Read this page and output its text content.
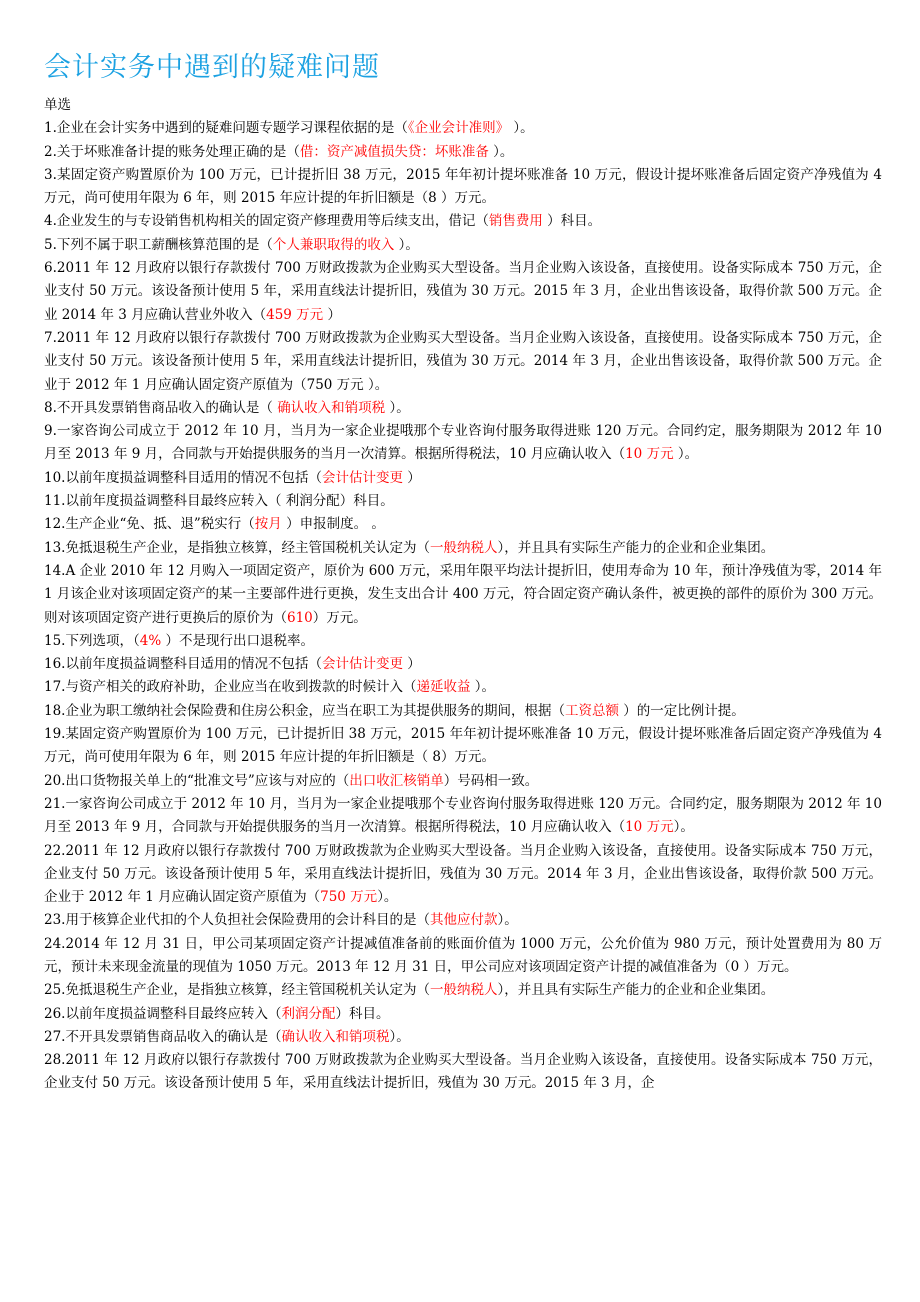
会计实务中遇到的疑难问题
单选

1.企业在会计实务中遇到的疑难问题专题学习课程依据的是（《企业会计准则》 ）。

2.关于坏账准备计提的账务处理正确的是（借：资产减值损失贷：坏账准备 ）。

3.某固定资产购置原价为 100 万元，已计提折旧 38 万元，2015 年年初计提坏账准备 10 万元，假设计提坏账准备后固定资产净残值为 4 万元，尚可使用年限为 6 年，则 2015 年应计提的年折旧额是（8 ）万元。

4.企业发生的与专设销售机构相关的固定资产修理费用等后续支出，借记（销售费用 ）科目。

5.下列不属于职工薪酬核算范围的是（个人兼职取得的收入 ）。

6.2011 年 12 月政府以银行存款拨付 700 万财政拨款为企业购买大型设备。当月企业购入该设备，直接使用。设备实际成本 750 万元，企业支付 50 万元。该设备预计使用 5 年，采用直线法计提折旧，残值为 30 万元。2015 年 3 月，企业出售该设备，取得价款 500 万元。企业 2014 年 3 月应确认营业外收入（459 万元 ）

7.2011 年 12 月政府以银行存款拨付 700 万财政拨款为企业购买大型设备。当月企业购入该设备，直接使用。设备实际成本 750 万元，企业支付 50 万元。该设备预计使用 5 年，采用直线法计提折旧，残值为 30 万元。2014 年 3 月，企业出售该设备，取得价款 500 万元。企业于 2012 年 1 月应确认固定资产原值为（750 万元 ）。

8.不开具发票销售商品收入的确认是（ 确认收入和销项税 ）。

9.一家咨询公司成立于 2012 年 10 月，当月为一家企业提哦那个专业咨询付服务取得进账 120 万元。合同约定，服务期限为 2012 年 10 月至 2013 年 9 月，合同款与开始提供服务的当月一次清算。根据所得税法，10 月应确认收入（10 万元 ）。

10.以前年度损益调整科目适用的情况不包括（会计估计变更 ）

11.以前年度损益调整科目最终应转入（ 利润分配）科目。

12.生产企业“免、抵、退”税实行（按月 ）申报制度。 。

13.免抵退税生产企业，是指独立核算，经主管国税机关认定为（一般纳税人），并且具有实际生产能力的企业和企业集团。

14.A 企业 2010 年 12 月购入一项固定资产，原价为 600 万元，采用年限平均法计提折旧，使用寿命为 10 年，预计净残值为零，2014 年 1 月该企业对该项固定资产的某一主要部件进行更换，发生支出合计 400 万元，符合固定资产确认条件，被更换的部件的原价为 300 万元。则对该项固定资产进行更换后的原价为（610）万元。

15.下列选项，（4% ）不是现行出口退税率。

16.以前年度损益调整科目适用的情况不包括（会计估计变更 ）

17.与资产相关的政府补助，企业应当在收到拨款的时候计入（递延收益 ）。

18.企业为职工缴纳社会保险费和住房公积金，应当在职工为其提供服务的期间，根据（工资总额 ）的一定比例计提。

19.某固定资产购置原价为 100 万元，已计提折旧 38 万元，2015 年年初计提坏账准备 10 万元，假设计提坏账准备后固定资产净残值为 4 万元，尚可使用年限为 6 年，则 2015 年应计提的年折旧额是（ 8）万元。

20.出口货物报关单上的“批准文号”应该与对应的（出口收汇核销单）号码相一致。

21.一家咨询公司成立于 2012 年 10 月，当月为一家企业提哦那个专业咨询付服务取得进账 120 万元。合同约定，服务期限为 2012 年 10 月至 2013 年 9 月，合同款与开始提供服务的当月一次清算。根据所得税法，10 月应确认收入（10 万元）。

22.2011 年 12 月政府以银行存款拨付 700 万财政拨款为企业购买大型设备。当月企业购入该设备，直接使用。设备实际成本 750 万元，企业支付 50 万元。该设备预计使用 5 年，采用直线法计提折旧，残值为 30 万元。2014 年 3 月，企业出售该设备，取得价款 500 万元。企业于 2012 年 1 月应确认固定资产原值为（750 万元）。

23.用于核算企业代扣的个人负担社会保险费用的会计科目的是（其他应付款）。

24.2014 年 12 月 31 日，甲公司某项固定资产计提减值准备前的账面价值为 1000 万元，公允价值为 980 万元，预计处置费用为 80 万元，预计未来现金流量的现值为 1050 万元。2013 年 12 月 31 日，甲公司应对该项固定资产计提的减值准备为（0 ）万元。

25.免抵退税生产企业，是指独立核算，经主管国税机关认定为（一般纳税人），并且具有实际生产能力的企业和企业集团。

26.以前年度损益调整科目最终应转入（利润分配）科目。

27.不开具发票销售商品收入的确认是（确认收入和销项税）。

28.2011 年 12 月政府以银行存款拨付 700 万财政拨款为企业购买大型设备。当月企业购入该设备，直接使用。设备实际成本 750 万元，企业支付 50 万元。该设备预计使用 5 年，采用直线法计提折旧，残值为 30 万元。2015 年 3 月，企
